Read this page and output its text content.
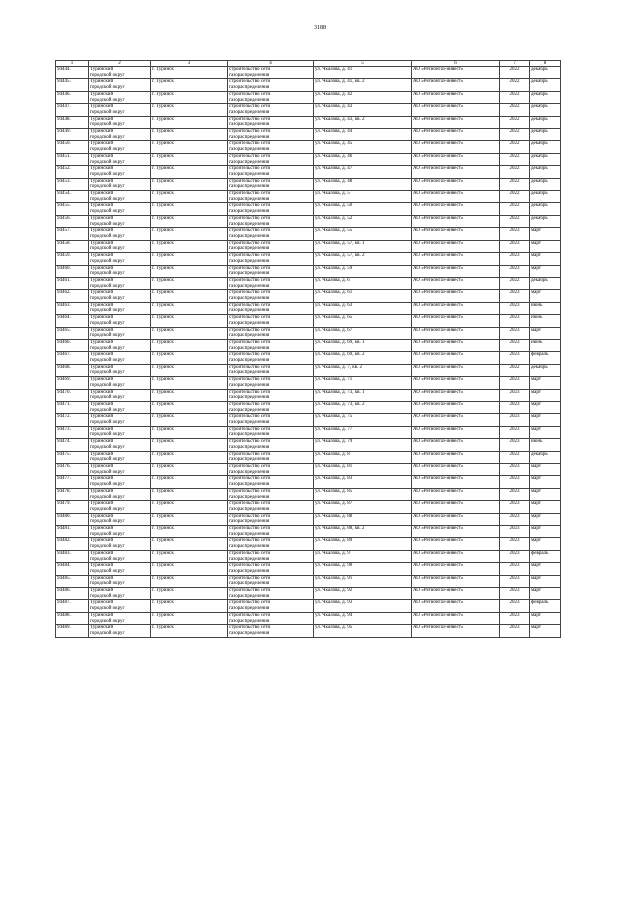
3188
1	2	3	4	5	6	7	8

94444.	Туринский
городской округ	г. Туринск	строительство сети
газораспределения	ул. Чкалова, д. 41	АО «Регионгаз-инвест»	2022	декабрь

94445.	Туринский
городской округ	г. Туринск	строительство сети
газораспределения	ул. Чкалова, д. 41, кв. 2	АО «Регионгаз-инвест»	2022	декабрь

94446.	Туринский
городской округ	г. Туринск	строительство сети
газораспределения	ул. Чкалова, д. 42	АО «Регионгаз-инвест»	2022	декабрь

94447.	Туринский
городской округ	г. Туринск	строительство сети
газораспределения	ул. Чкалова, д. 43	АО «Регионгаз-инвест»	2022	декабрь

94448.	Туринский
городской округ	г. Туринск	строительство сети
газораспределения	ул. Чкалова, д. 43, кв. 2	АО «Регионгаз-инвест»	2022	декабрь

94449.	Туринский
городской округ	г. Туринск	строительство сети
газораспределения	ул. Чкалова, д. 44	АО «Регионгаз-инвест»	2022	декабрь

94450.	Туринский
городской округ	г. Туринск	строительство сети
газораспределения	ул. Чкалова, д. 45	АО «Регионгаз-инвест»	2022	декабрь

94451.	Туринский
городской округ	г. Туринск	строительство сети
газораспределения	ул. Чкалова, д. 46	АО «Регионгаз-инвест»	2022	декабрь

94452.	Туринский
городской округ	г. Туринск	строительство сети
газораспределения	ул. Чкалова, д. 47	АО «Регионгаз-инвест»	2022	декабрь

94453.	Туринский
городской округ	г. Туринск	строительство сети
газораспределения	ул. Чкалова, д. 48	АО «Регионгаз-инвест»	2022	декабрь

94454.	Туринский
городской округ	г. Туринск	строительство сети
газораспределения	ул. Чкалова, д. 5	АО «Регионгаз-инвест»	2022	декабрь

94455.	Туринский
городской округ	г. Туринск	строительство сети
газораспределения	ул. Чкалова, д. 50	АО «Регионгаз-инвест»	2022	декабрь

94456.	Туринский
городской округ	г. Туринск	строительство сети
газораспределения	ул. Чкалова, д. 52	АО «Регионгаз-инвест»	2022	декабрь

94457.	Туринский
городской округ	г. Туринск	строительство сети
газораспределения	ул. Чкалова, д. 55	АО «Регионгаз-инвест»	2023	март

94458.	Туринский
городской округ	г. Туринск	строительство сети
газораспределения	ул. Чкалова, д. 57, кв. 1	АО «Регионгаз-инвест»	2023	март

94459.	Туринский
городской округ	г. Туринск	строительство сети
газораспределения	ул. Чкалова, д. 57, кв. 2	АО «Регионгаз-инвест»	2023	март

94460.	Туринский
городской округ	г. Туринск	строительство сети
газораспределения	ул. Чкалова, д. 59	АО «Регионгаз-инвест»	2023	март

94461.	Туринский
городской округ	г. Туринск	строительство сети
газораспределения	ул. Чкалова, д. 6	АО «Регионгаз-инвест»	2022	декабрь

94462.	Туринский
городской округ	г. Туринск	строительство сети
газораспределения	ул. Чкалова, д. 61	АО «Регионгаз-инвест»	2023	март

94463.	Туринский
городской округ	г. Туринск	строительство сети
газораспределения	ул. Чкалова, д. 63	АО «Регионгаз-инвест»	2023	июнь

94464.	Туринский
городской округ	г. Туринск	строительство сети
газораспределения	ул. Чкалова, д. 65	АО «Регионгаз-инвест»	2023	июнь

94465.	Туринский
городской округ	г. Туринск	строительство сети
газораспределения	ул. Чкалова, д. 67	АО «Регионгаз-инвест»	2023	март

94466.	Туринский
городской округ	г. Туринск	строительство сети
газораспределения	ул. Чкалова, д. 69, кв. 1	АО «Регионгаз-инвест»	2023	июнь

94467.	Туринский
городской округ	г. Туринск	строительство сети
газораспределения	ул. Чкалова, д. 69, кв. 2	АО «Регионгаз-инвест»	2023	февраль

94468.	Туринский
городской округ	г. Туринск	строительство сети
газораспределения	ул. Чкалова, д. 7, кв. 2	АО «Регионгаз-инвест»	2022	декабрь

94469.	Туринский
городской округ	г. Туринск	строительство сети
газораспределения	ул. Чкалова, д. 71	АО «Регионгаз-инвест»	2023	март

94470.	Туринский
городской округ	г. Туринск	строительство сети
газораспределения	ул. Чкалова, д. 73, кв. 1	АО «Регионгаз-инвест»	2023	март

94471.	Туринский
городской округ	г. Туринск	строительство сети
газораспределения	ул. Чкалова, д. 73, кв. 2	АО «Регионгаз-инвест»	2023	март

94472.	Туринский
городской округ	г. Туринск	строительство сети
газораспределения	ул. Чкалова, д. 75	АО «Регионгаз-инвест»	2023	март

94473.	Туринский
городской округ	г. Туринск	строительство сети
газораспределения	ул. Чкалова, д. 77	АО «Регионгаз-инвест»	2023	март

94474.	Туринский
городской округ	г. Туринск	строительство сети
газораспределения	ул. Чкалова, д. 79	АО «Регионгаз-инвест»	2023	июнь

94475.	Туринский
городской округ	г. Туринск	строительство сети
газораспределения	ул. Чкалова, д. 8	АО «Регионгаз-инвест»	2022	декабрь

94476.	Туринский
городской округ	г. Туринск	строительство сети
газораспределения	ул. Чкалова, д. 81	АО «Регионгаз-инвест»	2023	март

94477.	Туринский
городской округ	г. Туринск	строительство сети
газораспределения	ул. Чкалова, д. 83	АО «Регионгаз-инвест»	2023	март

94478.	Туринский
городской округ	г. Туринск	строительство сети
газораспределения	ул. Чкалова, д. 85	АО «Регионгаз-инвест»	2023	март

94479.	Туринский
городской округ	г. Туринск	строительство сети
газораспределения	ул. Чкалова, д. 87	АО «Регионгаз-инвест»	2023	март

94480.	Туринский
городской округ	г. Туринск	строительство сети
газораспределения	ул. Чкалова, д. 88	АО «Регионгаз-инвест»	2023	март

94481.	Туринский
городской округ	г. Туринск	строительство сети
газораспределения	ул. Чкалова, д. 88, кв. 2	АО «Регионгаз-инвест»	2023	март

94482.	Туринский
городской округ	г. Туринск	строительство сети
газораспределения	ул. Чкалова, д. 89	АО «Регионгаз-инвест»	2023	март

94483.	Туринский
городской округ	г. Туринск	строительство сети
газораспределения	ул. Чкалова, д. 9	АО «Регионгаз-инвест»	2023	февраль

94484.	Туринский
городской округ	г. Туринск	строительство сети
газораспределения	ул. Чкалова, д. 90	АО «Регионгаз-инвест»	2023	март

94485.	Туринский
городской округ	г. Туринск	строительство сети
газораспределения	ул. Чкалова, д. 91	АО «Регионгаз-инвест»	2023	март

94486.	Туринский
городской округ	г. Туринск	строительство сети
газораспределения	ул. Чкалова, д. 92	АО «Регионгаз-инвест»	2023	март

94487.	Туринский
городской округ	г. Туринск	строительство сети
газораспределения	ул. Чкалова, д. 93	АО «Регионгаз-инвест»	2023	февраль

94488.	Туринский
городской округ	г. Туринск	строительство сети
газораспределения	ул. Чкалова, д. 94	АО «Регионгаз-инвест»	2023	март

94489.	Туринский
городской округ	г. Туринск	строительство сети
газораспределения	ул. Чкалова, д. 95	АО «Регионгаз-инвест»	2023	март
